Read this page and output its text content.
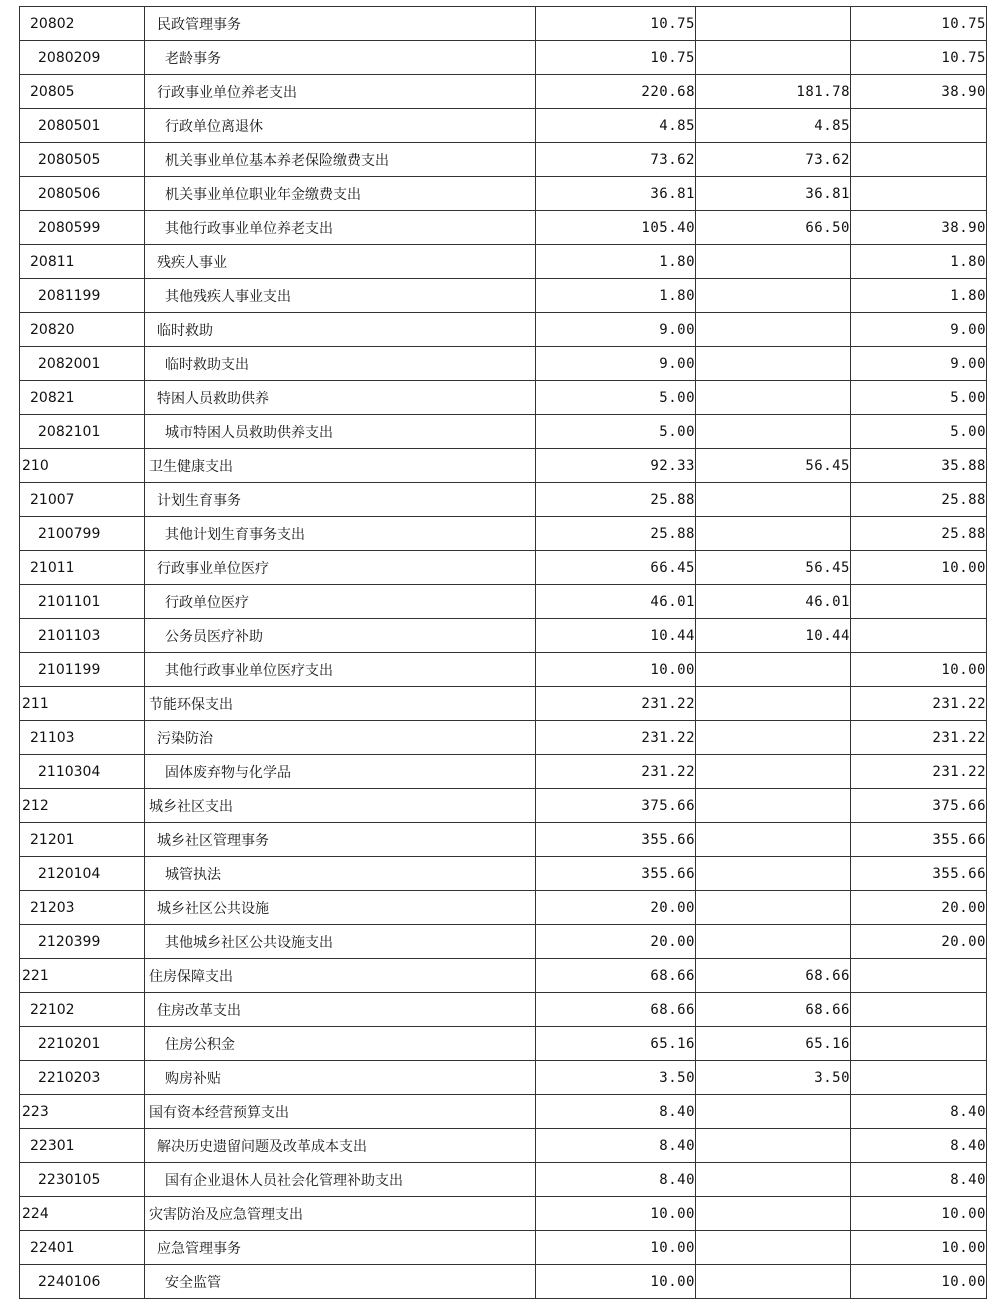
20802	民政管理事务	10.75		10.75
2080209	老龄事务	10.75		10.75
20805	行政事业单位养老支出	220.68	181.78	38.90
2080501	行政单位离退休	4.85	4.85	
2080505	机关事业单位基本养老保险缴费支出	73.62	73.62	
2080506	机关事业单位职业年金缴费支出	36.81	36.81	
2080599	其他行政事业单位养老支出	105.40	66.50	38.90
20811	残疾人事业	1.80		1.80
2081199	其他残疾人事业支出	1.80		1.80
20820	临时救助	9.00		9.00
2082001	临时救助支出	9.00		9.00
20821	特困人员救助供养	5.00		5.00
2082101	城市特困人员救助供养支出	5.00		5.00
210	卫生健康支出	92.33	56.45	35.88
21007	计划生育事务	25.88		25.88
2100799	其他计划生育事务支出	25.88		25.88
21011	行政事业单位医疗	66.45	56.45	10.00
2101101	行政单位医疗	46.01	46.01	
2101103	公务员医疗补助	10.44	10.44	
2101199	其他行政事业单位医疗支出	10.00		10.00
211	节能环保支出	231.22		231.22
21103	污染防治	231.22		231.22
2110304	固体废弃物与化学品	231.22		231.22
212	城乡社区支出	375.66		375.66
21201	城乡社区管理事务	355.66		355.66
2120104	城管执法	355.66		355.66
21203	城乡社区公共设施	20.00		20.00
2120399	其他城乡社区公共设施支出	20.00		20.00
221	住房保障支出	68.66	68.66	
22102	住房改革支出	68.66	68.66	
2210201	住房公积金	65.16	65.16	
2210203	购房补贴	3.50	3.50	
223	国有资本经营预算支出	8.40		8.40
22301	解决历史遗留问题及改革成本支出	8.40		8.40
2230105	国有企业退休人员社会化管理补助支出	8.40		8.40
224	灾害防治及应急管理支出	10.00		10.00
22401	应急管理事务	10.00		10.00
2240106	安全监管	10.00		10.00
